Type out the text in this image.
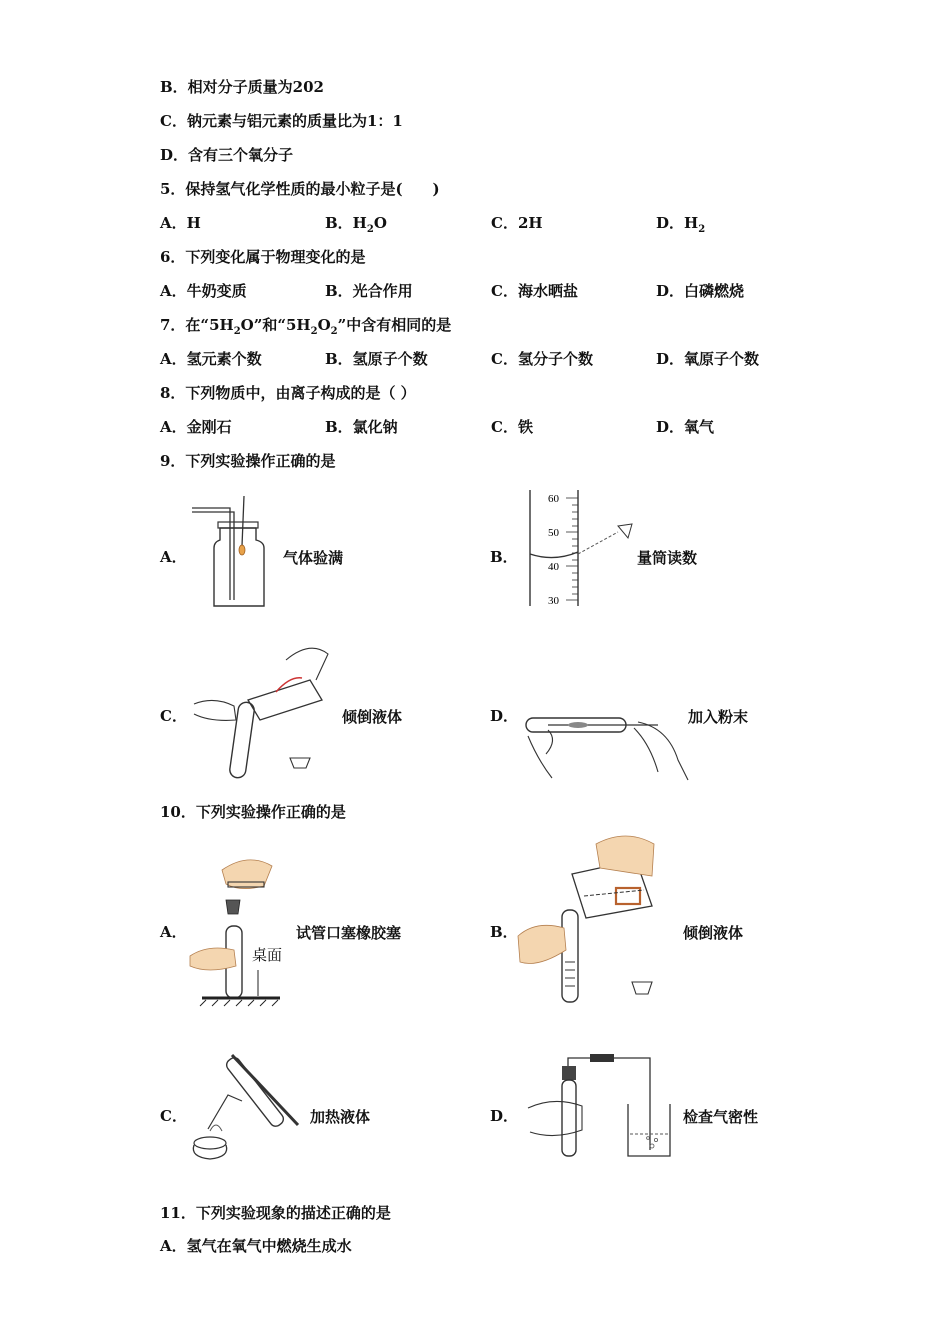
B．相对分子质量为202
C．钠元素与铝元素的质量比为1：1
D．含有三个氧分子
5．保持氢气化学性质的最小粒子是(　　)
A．H	B．$H_2O$	C．2H	D．$H_2$
6．下列变化属于物理变化的是
A．牛奶变质	B．光合作用	C．海水晒盐	D．白磷燃烧
7．在“$5H_2O$”和“$5H_2O_2$”中含有相同的是
A．氢元素个数	B．氢原子个数	C．氢分子个数	D．氧原子个数
8．下列物质中，由离子构成的是（ ）
A．金刚石	B．氯化钠	C．铁	D．氧气
9．下列实验操作正确的是
A．	气体验满	B．
60
50
40
30
量筒读数
C．	倾倒液体	D．	加入粉末
10．下列实验操作正确的是
A．
桌面
试管口塞橡胶塞	B．	倾倒液体
C．	加热液体	D．	检查气密性
11．下列实验现象的描述正确的是
A．氢气在氧气中燃烧生成水
